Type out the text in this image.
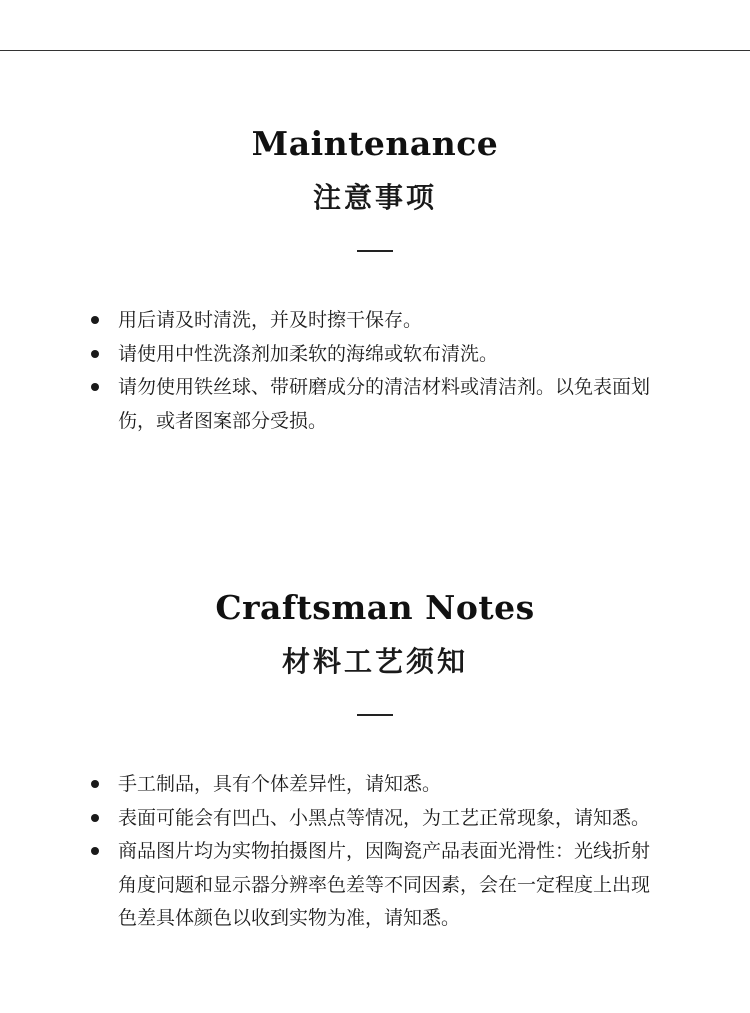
Maintenance
注意事项
用后请及时清洗，并及时擦干保存。
请使用中性洗涤剂加柔软的海绵或软布清洗。
请勿使用铁丝球、带研磨成分的清洁材料或清洁剂。以免表面划伤，或者图案部分受损。
Craftsman Notes
材料工艺须知
手工制品，具有个体差异性，请知悉。
表面可能会有凹凸、小黑点等情况，为工艺正常现象，请知悉。
商品图片均为实物拍摄图片，因陶瓷产品表面光滑性：光线折射角度问题和显示器分辨率色差等不同因素，会在一定程度上出现色差具体颜色以收到实物为准，请知悉。
